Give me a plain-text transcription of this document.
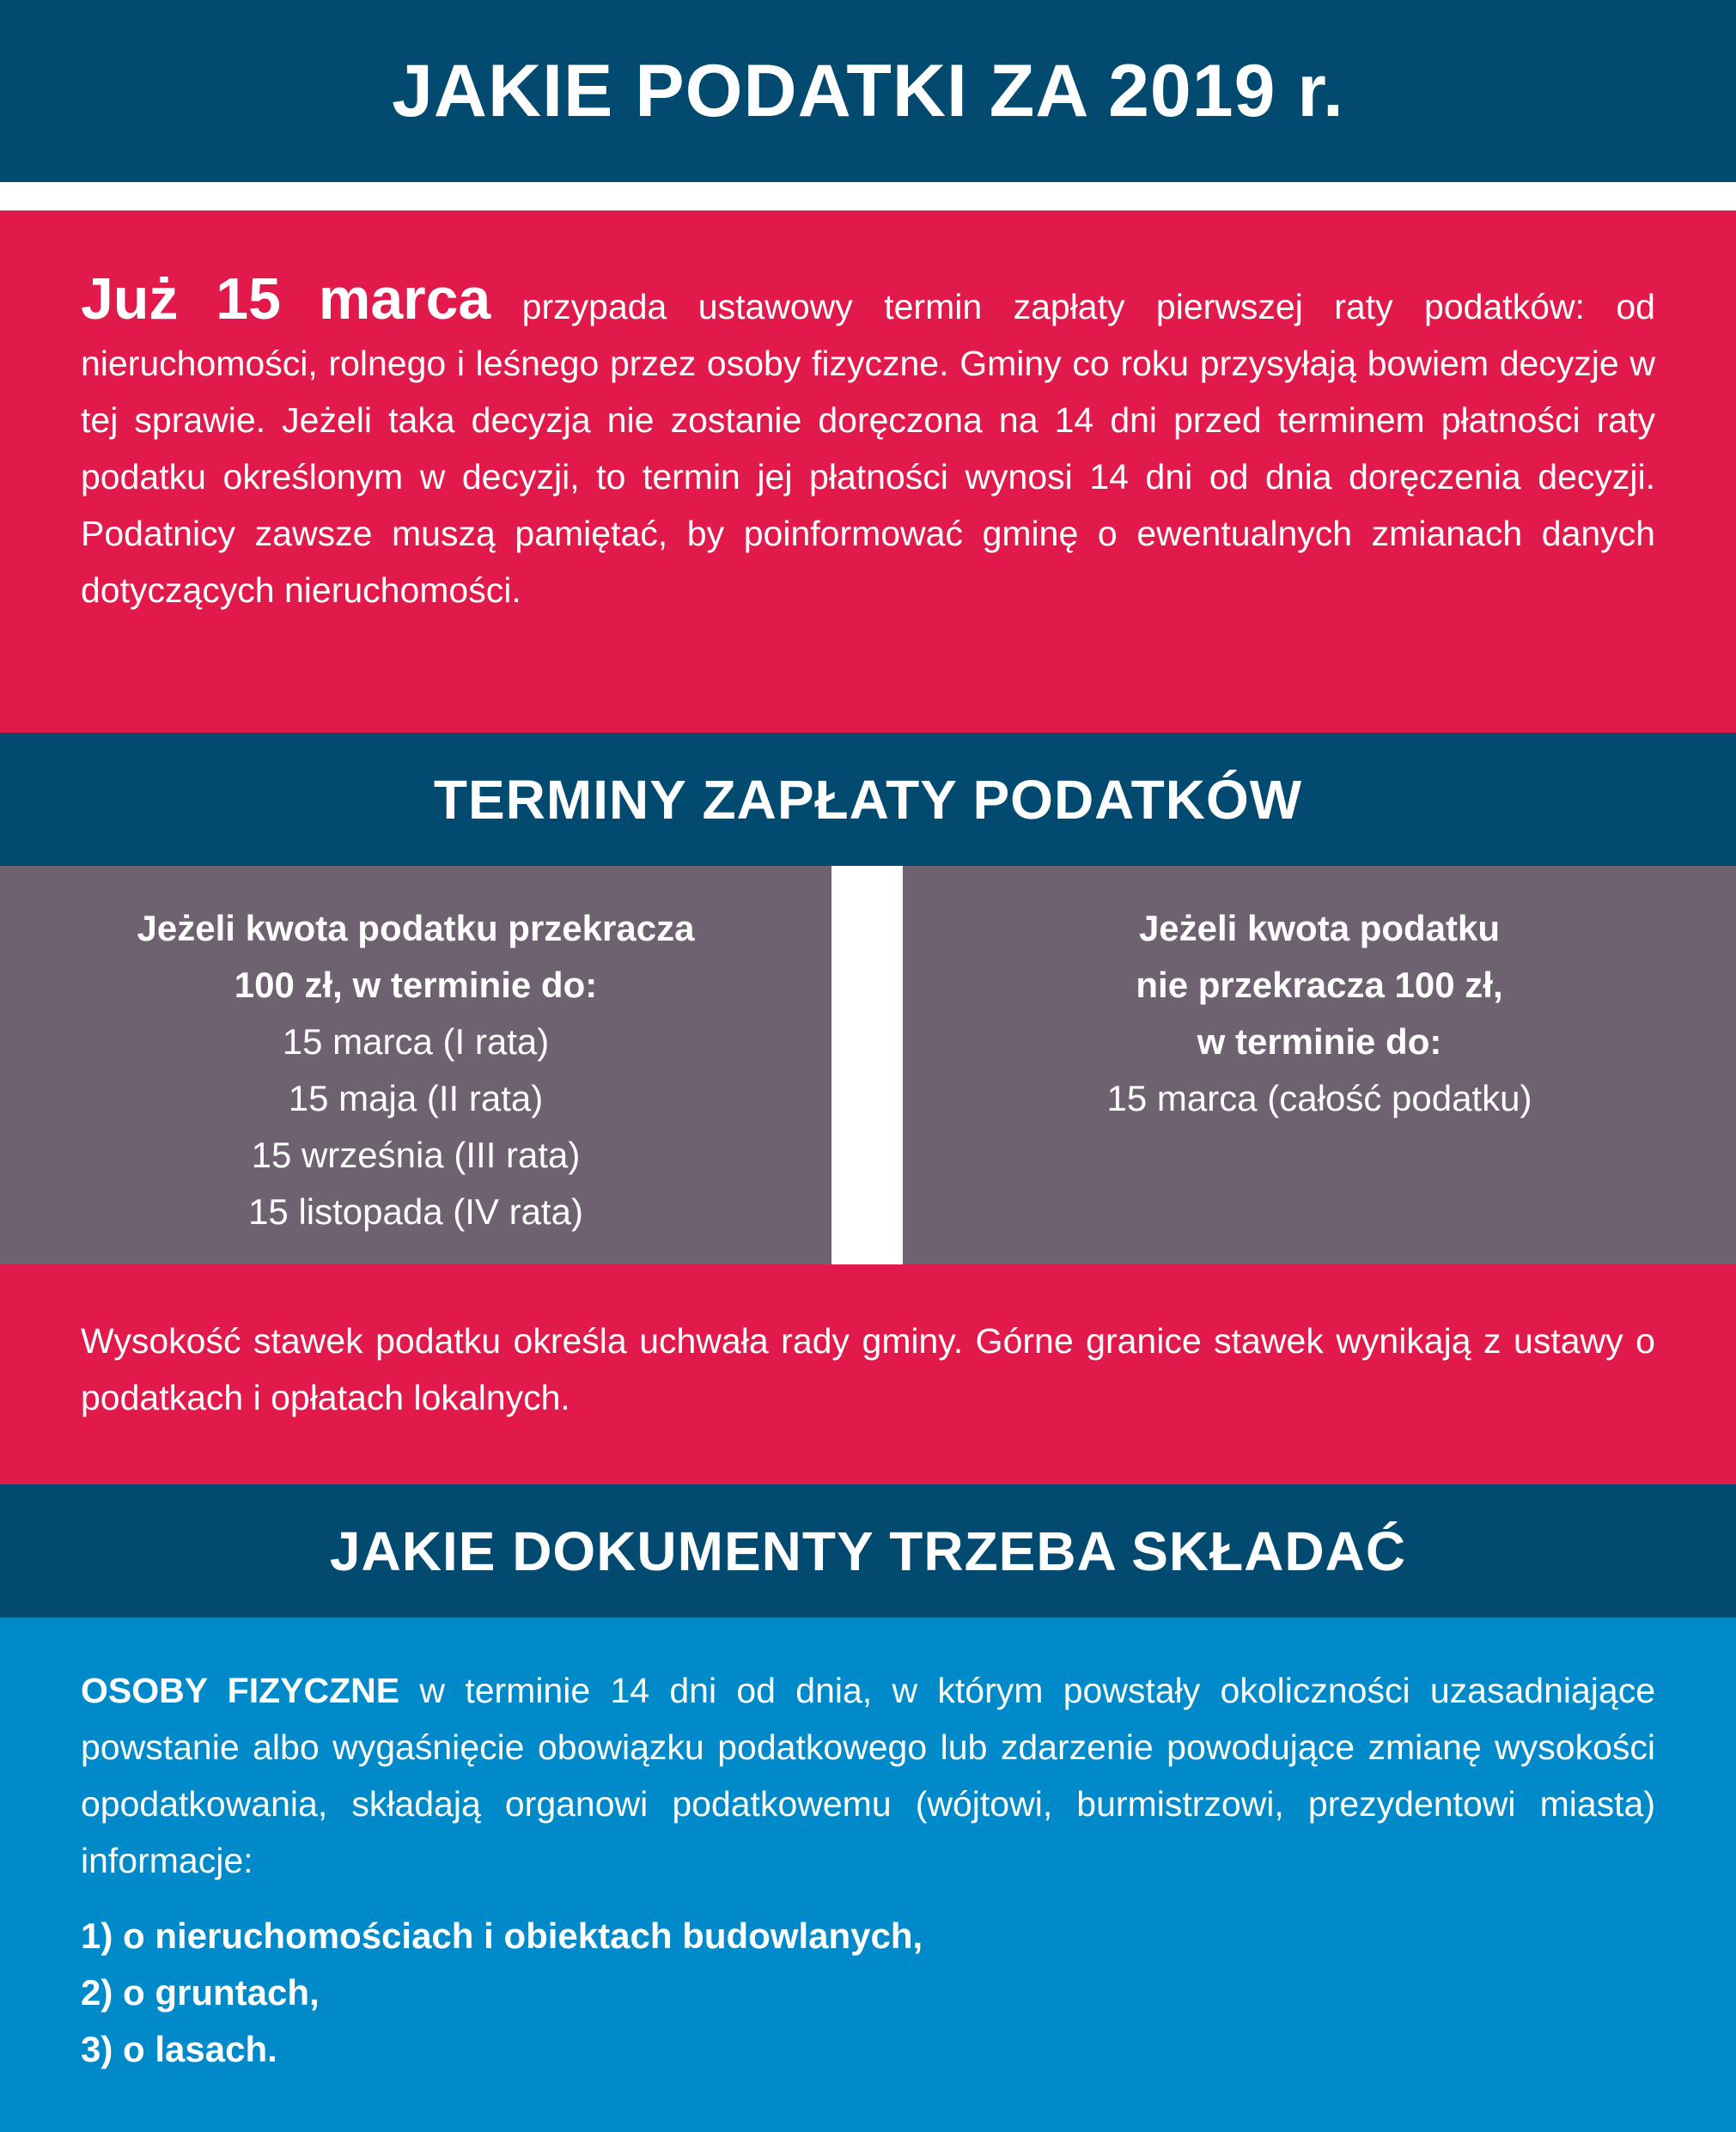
JAKIE PODATKI ZA 2019 r.

Już 15 marca przypada ustawowy termin zapłaty pierwszej raty podatków: od nieruchomości, rolnego i leśnego przez osoby fizyczne. Gminy co roku przysyłają bowiem decyzje w tej sprawie. Jeżeli taka decyzja nie zostanie doręczona na 14 dni przed terminem płatności raty podatku określonym w decyzji, to termin jej płatności wynosi 14 dni od dnia doręczenia decyzji. Podatnicy zawsze muszą pamiętać, by poinformować gminę o ewentualnych zmianach danych dotyczących nieruchomości.

TERMINY ZAPŁATY PODATKÓW
Jeżeli kwota podatku przekracza
100 zł, w terminie do:
15 marca (I rata)
15 maja (II rata)
15 września (III rata)
15 listopada (IV rata)
Jeżeli kwota podatku
nie przekracza 100 zł,
w terminie do:
15 marca (całość podatku)

Wysokość stawek podatku określa uchwała rady gminy. Górne granice stawek wynikają z ustawy o podatkach i opłatach lokalnych.

JAKIE DOKUMENTY TRZEBA SKŁADAĆ

OSOBY FIZYCZNE w terminie 14 dni od dnia, w którym powstały okoliczności uzasadniające powstanie albo wygaśnięcie obowiązku podatkowego lub zdarzenie powodujące zmianę wysokości opodatkowania, składają organowi podatkowemu (wójtowi, burmistrzowi, prezydentowi miasta) informacje:

1) o nieruchomościach i obiektach budowlanych,
2) o gruntach,
3) o lasach.
